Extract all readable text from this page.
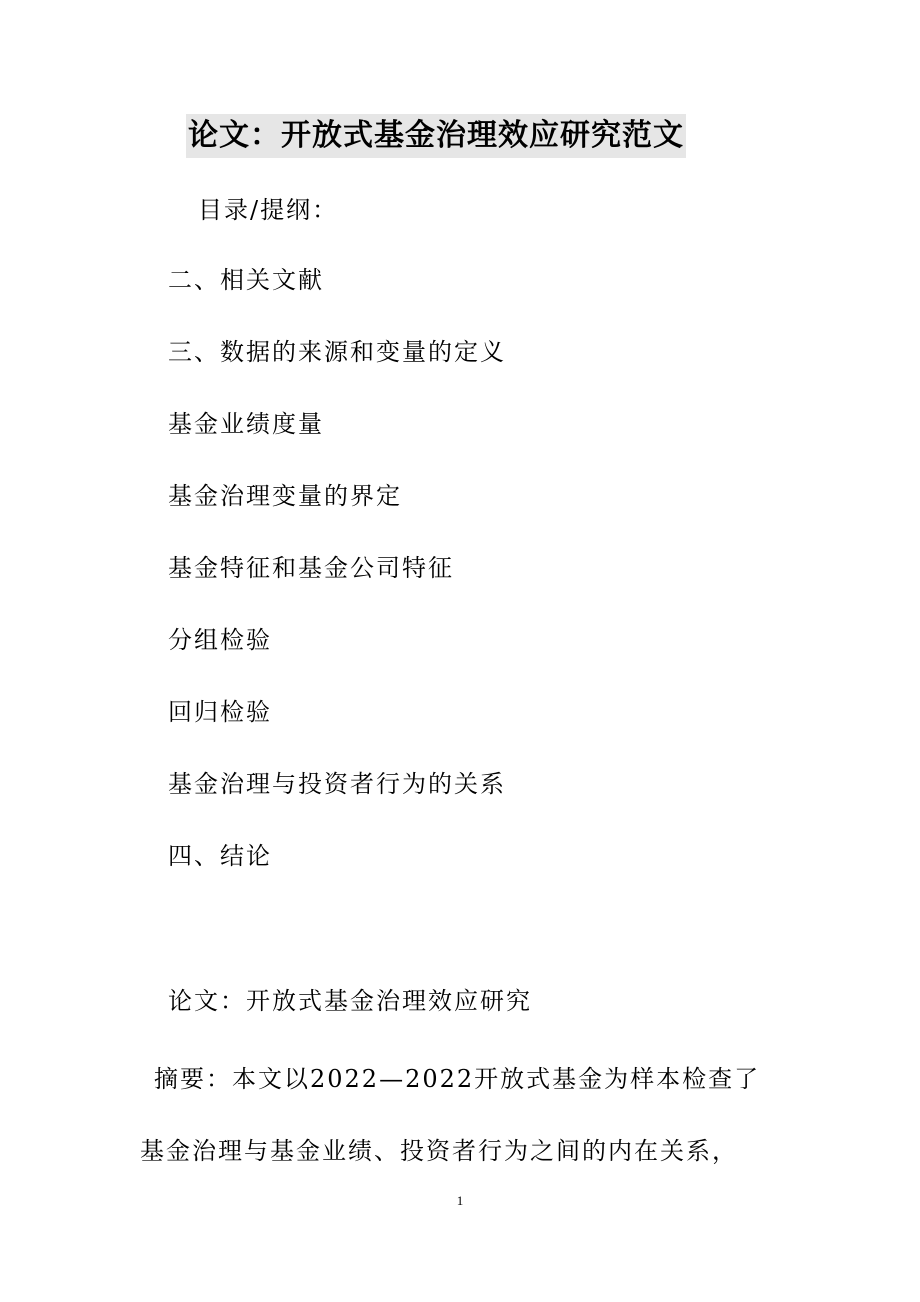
论文：开放式基金治理效应研究范文
目录/提纲：
二、相关文献
三、数据的来源和变量的定义
基金业绩度量
基金治理变量的界定
基金特征和基金公司特征
分组检验
回归检验
基金治理与投资者行为的关系
四、结论
论文：开放式基金治理效应研究
摘要：本文以2022—2022开放式基金为样本检查了
基金治理与基金业绩、投资者行为之间的内在关系，
1
